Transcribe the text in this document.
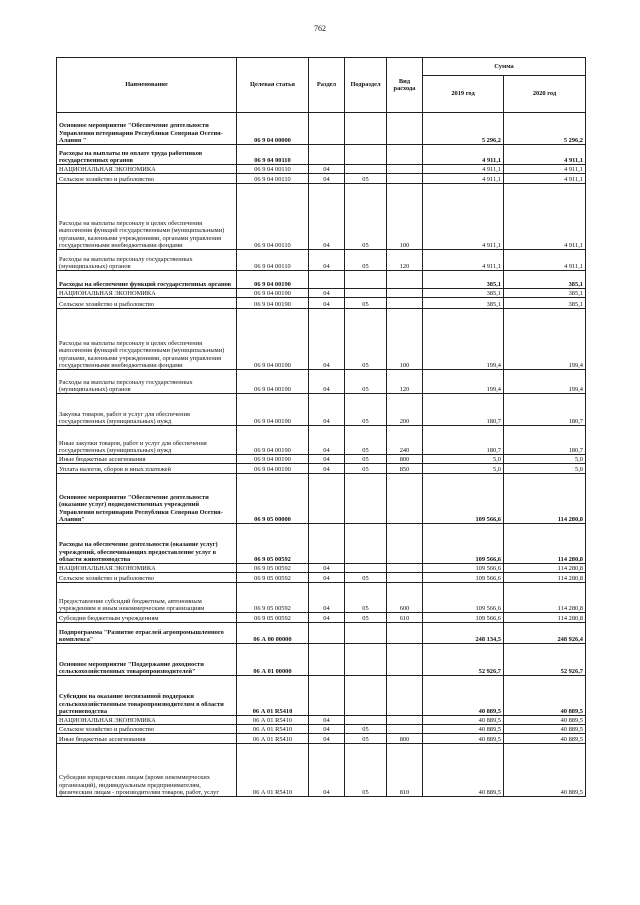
762
Наименование	Целевая статья	Раздел	Подраздел	Вид расхода	Сумма	
					2019 год	2020 год
Основное мероприятие "Обеспечение деятельности Управления ветеринарии Республики Северная Осетия-Алания "	06 9 04 00000				5 296,2	5 296,2
Расходы на выплаты по оплате труда работников государственных органов	06 9 04 00110				4 911,1	4 911,1
НАЦИОНАЛЬНАЯ ЭКОНОМИКА	06 9 04 00110	04			4 911,1	4 911,1
Сельское хозяйство и рыболовство	06 9 04 00110	04	05		4 911,1	4 911,1
Расходы на выплаты персоналу в целях обеспечения выполнения функций государственными (муниципальными) органами, казенными учреждениями, органами управления государственными внебюджетными фондами	06 9 04 00110	04	05	100	4 911,1	4 911,1
Расходы на выплаты персоналу государственных (муниципальных) органов	06 9 04 00110	04	05	120	4 911,1	4 911,1
Расходы на обеспечение функций государственных органов	06 9 04 00190				385,1	385,1
НАЦИОНАЛЬНАЯ ЭКОНОМИКА	06 9 04 00190	04			385,1	385,1
Сельское хозяйство и рыболовство	06 9 04 00190	04	05		385,1	385,1
Расходы на выплаты персоналу в целях обеспечения выполнения функций государственными (муниципальными) органами, казенными учреждениями, органами управления государственными внебюджетными фондами	06 9 04 00190	04	05	100	199,4	199,4
Расходы на выплаты персоналу государственных (муниципальных) органов	06 9 04 00190	04	05	120	199,4	199,4
Закупка товаров, работ и услуг для обеспечения государственных (муниципальных) нужд	06 9 04 00190	04	05	200	180,7	180,7
Иные закупки товаров, работ и услуг для обеспечения государственных (муниципальных) нужд	06 9 04 00190	04	05	240	180,7	180,7
Иные бюджетные ассигнования	06 9 04 00190	04	05	800	5,0	5,0
Уплата налогов, сборов и иных платежей	06 9 04 00190	04	05	850	5,0	5,0
Основное мероприятие "Обеспечение деятельности (оказание услуг) подведомственных учреждений Управления ветеринарии Республики Северная Осетия-Алания"	06 9 05 00000				109 566,6	114 280,8
Расходы на обеспечение деятельности (оказание услуг) учреждений, обеспечивающих предоставление услуг в области животноводства	06 9 05 00592				109 566,6	114 280,8
НАЦИОНАЛЬНАЯ ЭКОНОМИКА	06 9 05 00592	04			109 566,6	114 280,8
Сельское хозяйство и рыболовство	06 9 05 00592	04	05		109 566,6	114 280,8
Предоставление субсидий бюджетным, автономным учреждениям и иным некоммерческим организациям	06 9 05 00592	04	05	600	109 566,6	114 280,8
Субсидии бюджетным учреждениям	06 9 05 00592	04	05	610	109 566,6	114 280,8
Подпрограмма "Развитие отраслей агропромышленного комплекса"	06 А 00 00000				248 134,5	248 926,4
Основное мероприятие "Поддержание доходности сельскохозяйственных товаропроизводителей"	06 А 01 00000				52 926,7	52 926,7
Субсидии на оказание несвязанной поддержки сельскохозяйственным товаропроизводителям в области растениеводства	06 А 01 R5410				40 889,5	40 889,5
НАЦИОНАЛЬНАЯ ЭКОНОМИКА	06 А 01 R5410	04			40 889,5	40 889,5
Сельское хозяйство и рыболовство	06 А 01 R5410	04	05		40 889,5	40 889,5
Иные бюджетные ассигнования	06 А 01 R5410	04	05	800	40 889,5	40 889,5
Субсидии юридическим лицам (кроме некоммерческих организаций), индивидуальным предпринимателям, физическим лицам - производителям товаров, работ, услуг	06 А 01 R5410	04	05	810	40 889,5	40 889,5
